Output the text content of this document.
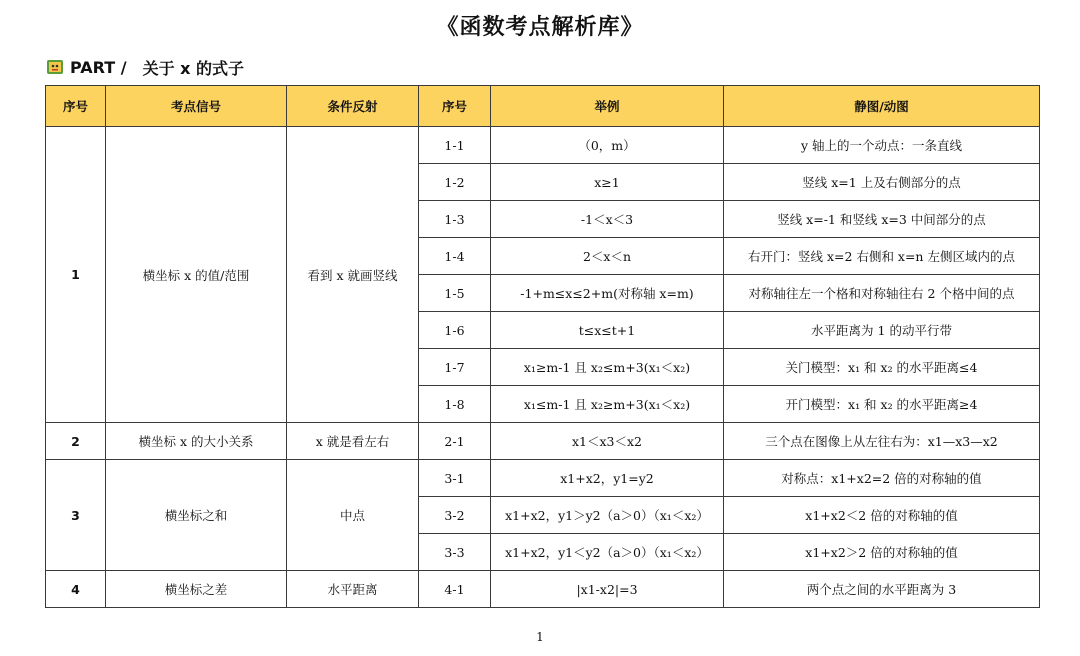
《函数考点解析库》
PART / 关于 x 的式子
序号	考点信号	条件反射	序号	举例	静图/动图
1	横坐标 x 的值/范围	看到 x 就画竖线	1-1	（0，m）	y 轴上的一个动点：一条直线
			1-2	x≥1	竖线 x=1 上及右侧部分的点
			1-3	-1＜x＜3	竖线 x=-1 和竖线 x=3 中间部分的点
			1-4	2＜x＜n	右开门：竖线 x=2 右侧和 x=n 左侧区域内的点
			1-5	-1+m≤x≤2+m(对称轴 x=m)	对称轴往左一个格和对称轴往右 2 个格中间的点
			1-6	t≤x≤t+1	水平距离为 1 的动平行带
			1-7	x₁≥m-1 且 x₂≤m+3(x₁＜x₂)	关门模型：x₁ 和 x₂ 的水平距离≤4
			1-8	x₁≤m-1 且 x₂≥m+3(x₁＜x₂)	开门模型：x₁ 和 x₂ 的水平距离≥4
2	横坐标 x 的大小关系	x 就是看左右	2-1	x1＜x3＜x2	三个点在图像上从左往右为：x1—x3—x2
3	横坐标之和	中点	3-1	x1+x2，y1=y2	对称点：x1+x2=2 倍的对称轴的值
			3-2	x1+x2，y1＞y2（a＞0）（x₁＜x₂）	x1+x2＜2 倍的对称轴的值
			3-3	x1+x2，y1＜y2（a＞0）（x₁＜x₂）	x1+x2＞2 倍的对称轴的值
4	横坐标之差	水平距离	4-1	|x1-x2|=3	两个点之间的水平距离为 3
1
